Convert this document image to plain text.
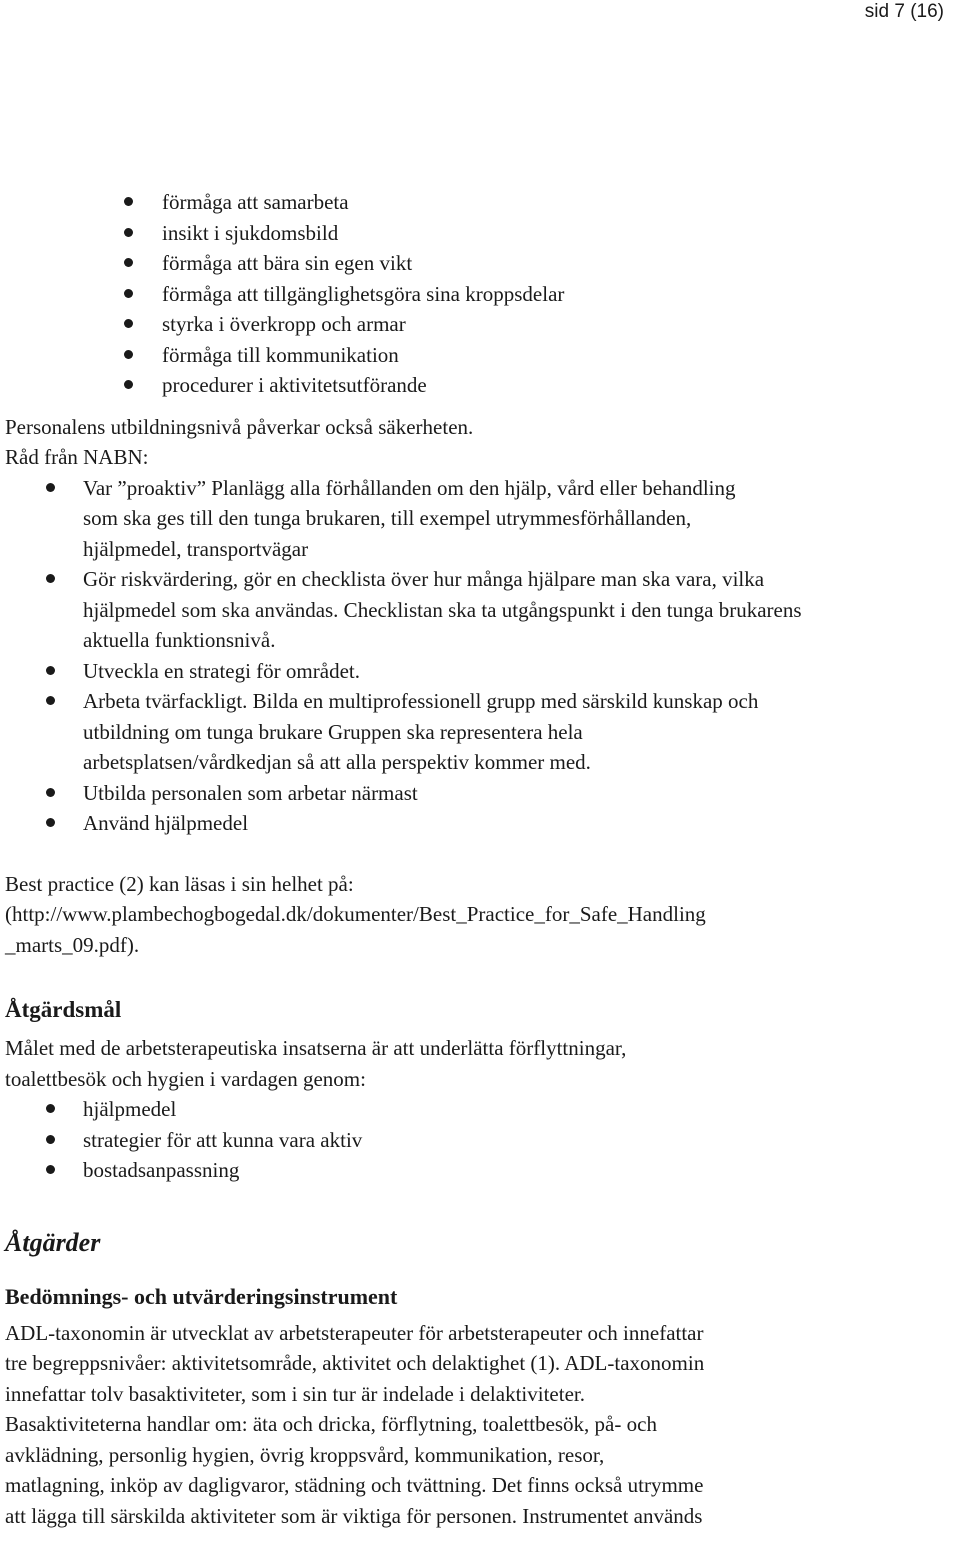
sid 7 (16)
förmåga att samarbeta
insikt i sjukdomsbild
förmåga att bära sin egen vikt
förmåga att tillgänglighetsgöra sina kroppsdelar
styrka i överkropp och armar
förmåga till kommunikation
procedurer i aktivitetsutförande

Personalens utbildningsnivå påverkar också säkerheten.

Råd från NABN:

Var ”proaktiv” Planlägg alla förhållanden om den hjälp, vård eller behandling som ska ges till den tunga brukaren, till exempel utrymmesförhållanden, hjälpmedel, transportvägar
Gör riskvärdering, gör en checklista över hur många hjälpare man ska vara, vilka hjälpmedel som ska användas. Checklistan ska ta utgångspunkt i den tunga brukarens aktuella funktionsnivå.
Utveckla en strategi för området.
Arbeta tvärfackligt. Bilda en multiprofessionell grupp med särskild kunskap och utbildning om tunga brukare Gruppen ska representera hela arbetsplatsen/vårdkedjan så att alla perspektiv kommer med.
Utbilda personalen som arbetar närmast
Använd hjälpmedel

Best practice (2) kan läsas i sin helhet på:

(http://www.plambechogbogedal.dk/dokumenter/Best_Practice_for_Safe_Handling

_marts_09.pdf).

Åtgärdsmål

Målet med de arbetsterapeutiska insatserna är att underlätta förflyttningar,

toalettbesök och hygien i vardagen genom:

hjälpmedel
strategier för att kunna vara aktiv
bostadsanpassning

Åtgärder

Bedömnings- och utvärderingsinstrument

ADL-taxonomin är utvecklat av arbetsterapeuter för arbetsterapeuter och innefattar

tre begreppsnivåer: aktivitetsområde, aktivitet och delaktighet (1). ADL-taxonomin

innefattar tolv basaktiviteter, som i sin tur är indelade i delaktiviteter.

Basaktiviteterna handlar om: äta och dricka, förflytning, toalettbesök, på- och

avklädning, personlig hygien, övrig kroppsvård, kommunikation, resor,

matlagning, inköp av dagligvaror, städning och tvättning. Det finns också utrymme

att lägga till särskilda aktiviteter som är viktiga för personen. Instrumentet används
